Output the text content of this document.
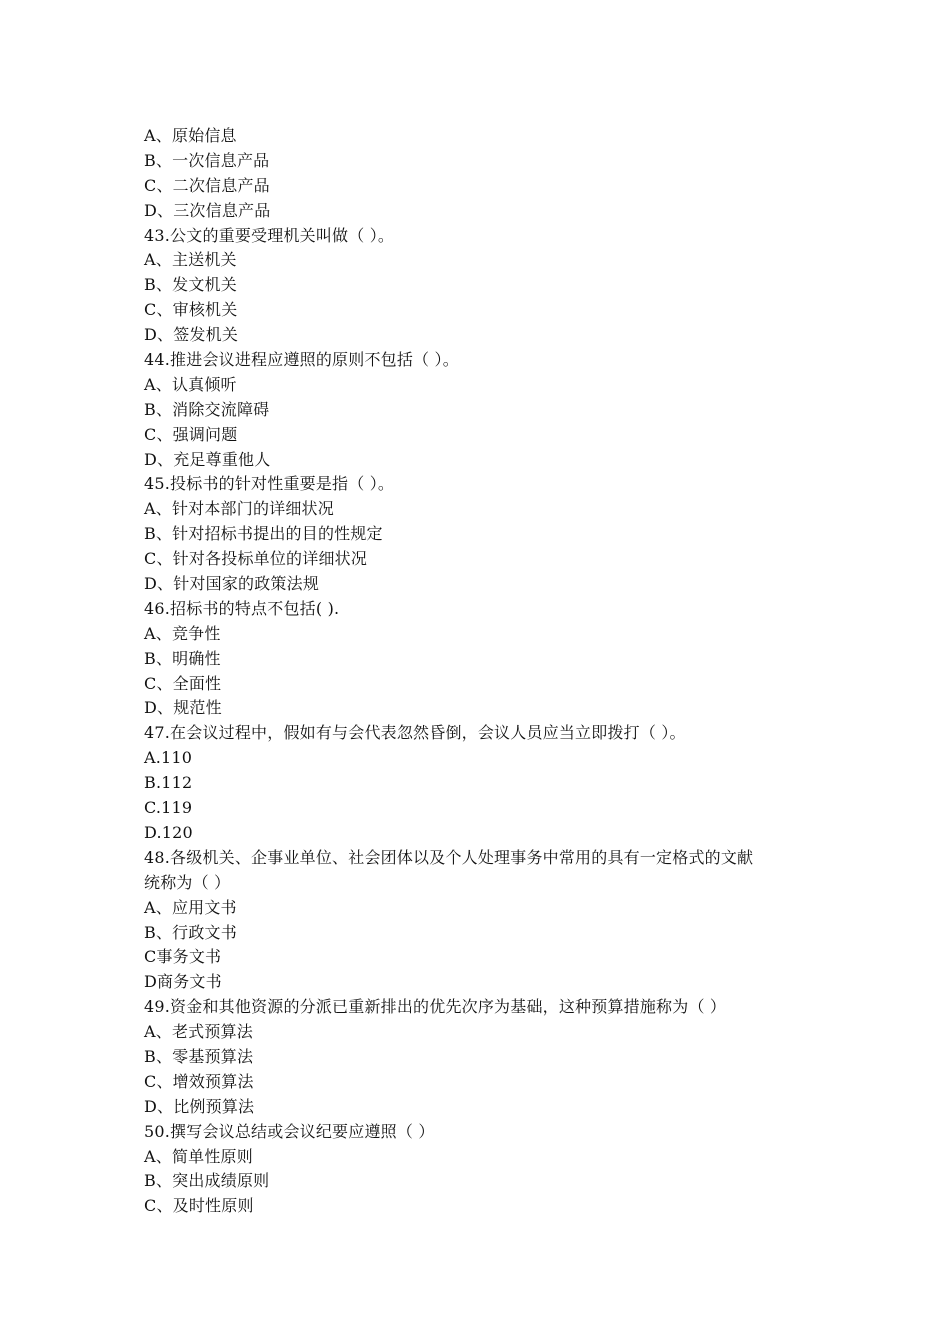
A、原始信息
B、一次信息产品
C、二次信息产品
D、三次信息产品
43.公文的重要受理机关叫做（ ）。
A、主送机关
B、发文机关
C、审核机关
D、签发机关
44.推进会议进程应遵照的原则不包括（ ）。
A、认真倾听
B、消除交流障碍
C、强调问题
D、充足尊重他人
45.投标书的针对性重要是指（ ）。
A、针对本部门的详细状况
B、针对招标书提出的目的性规定
C、针对各投标单位的详细状况
D、针对国家的政策法规
46.招标书的特点不包括( ).
A、竞争性
B、明确性
C、全面性
D、规范性
47.在会议过程中，假如有与会代表忽然昏倒，会议人员应当立即拨打（ ）。
A.110
B.112
C.119
D.120
48.各级机关、企事业单位、社会团体以及个人处理事务中常用的具有一定格式的文献
统称为（ ）
A、应用文书
B、行政文书
C事务文书
D商务文书
49.资金和其他资源的分派已重新排出的优先次序为基础，这种预算措施称为（ ）
A、老式预算法
B、零基预算法
C、增效预算法
D、比例预算法
50.撰写会议总结或会议纪要应遵照（ ）
A、简单性原则
B、突出成绩原则
C、及时性原则
